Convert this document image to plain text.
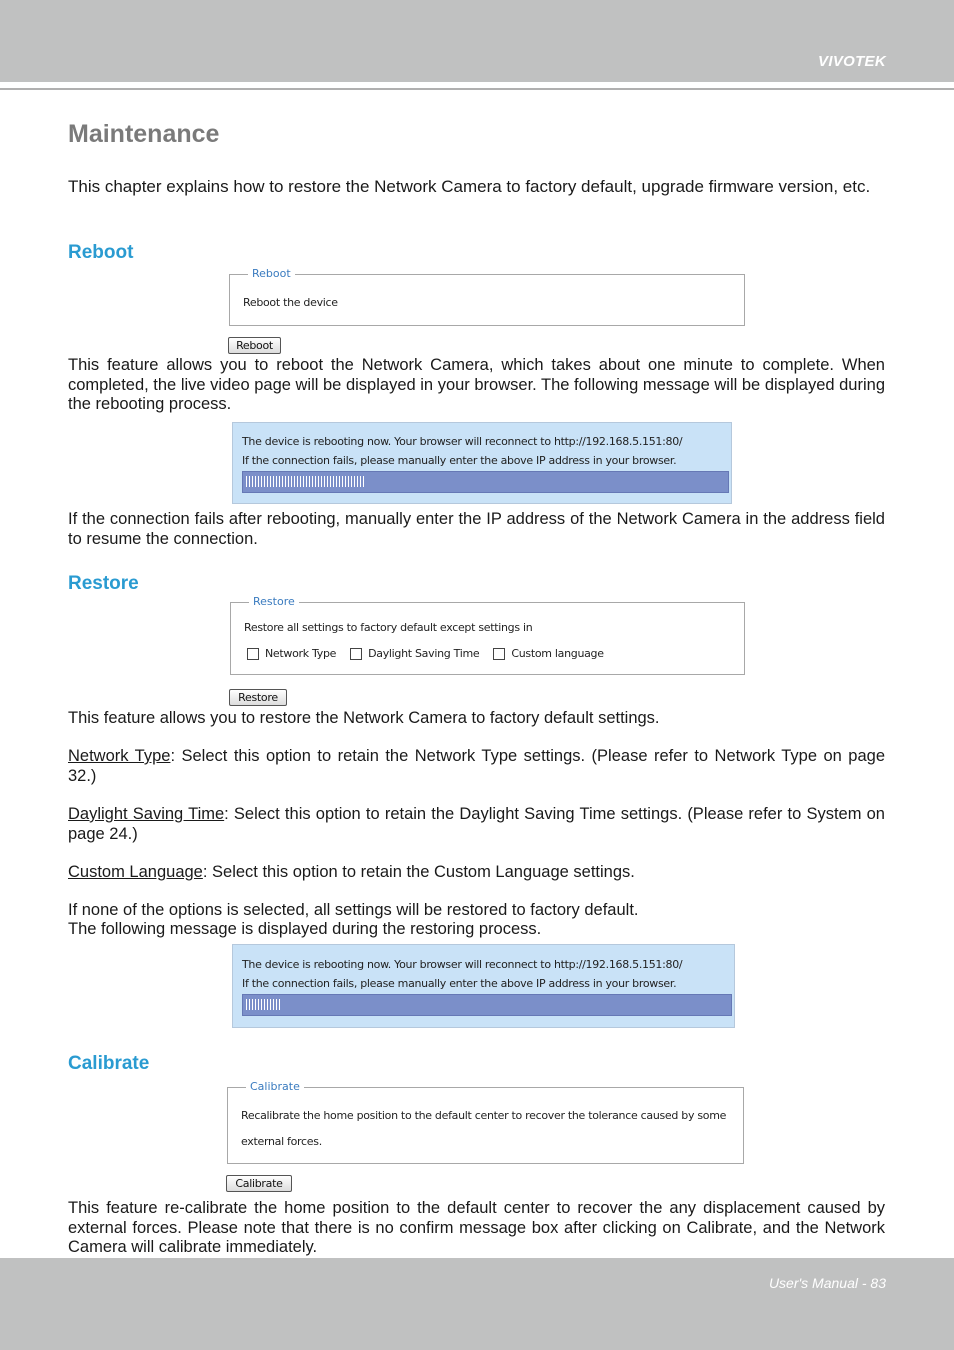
VIVOTEK
Maintenance

This chapter explains how to restore the Network Camera to factory default, upgrade firmware version, etc.

Reboot
Reboot
Reboot the device
Reboot

This feature allows you to reboot the Network Camera, which takes about one minute to complete. When completed, the live video page will be displayed in your browser. The following message will be displayed during the rebooting process.

The device is rebooting now. Your browser will reconnect to http://192.168.5.151:80/
If the connection fails, please manually enter the above IP address in your browser.

If the connection fails after rebooting, manually enter the IP address of the Network Camera in the address field to resume the connection.

Restore
Restore
Restore all settings to factory default except settings in
Network Type	Daylight Saving Time	Custom language
Restore

This feature allows you to restore the Network Camera to factory default settings.

Network Type: Select this option to retain the Network Type settings. (Please refer to Network Type on page 32.)

Daylight Saving Time: Select this option to retain the Daylight Saving Time settings. (Please refer to System on page 24.)

Custom Language: Select this option to retain the Custom Language settings.

If none of the options is selected, all settings will be restored to factory default.

The following message is displayed during the restoring process.

The device is rebooting now. Your browser will reconnect to http://192.168.5.151:80/
If the connection fails, please manually enter the above IP address in your browser.
Calibrate
Calibrate
Recalibrate the home position to the default center to recover the tolerance caused by some
external forces.
Calibrate

This feature re-calibrate the home position to the default center to recover the any displacement caused by external forces. Please note that there is no confirm message box after clicking on Calibrate, and the Network Camera will calibrate immediately.

User's Manual - 83
